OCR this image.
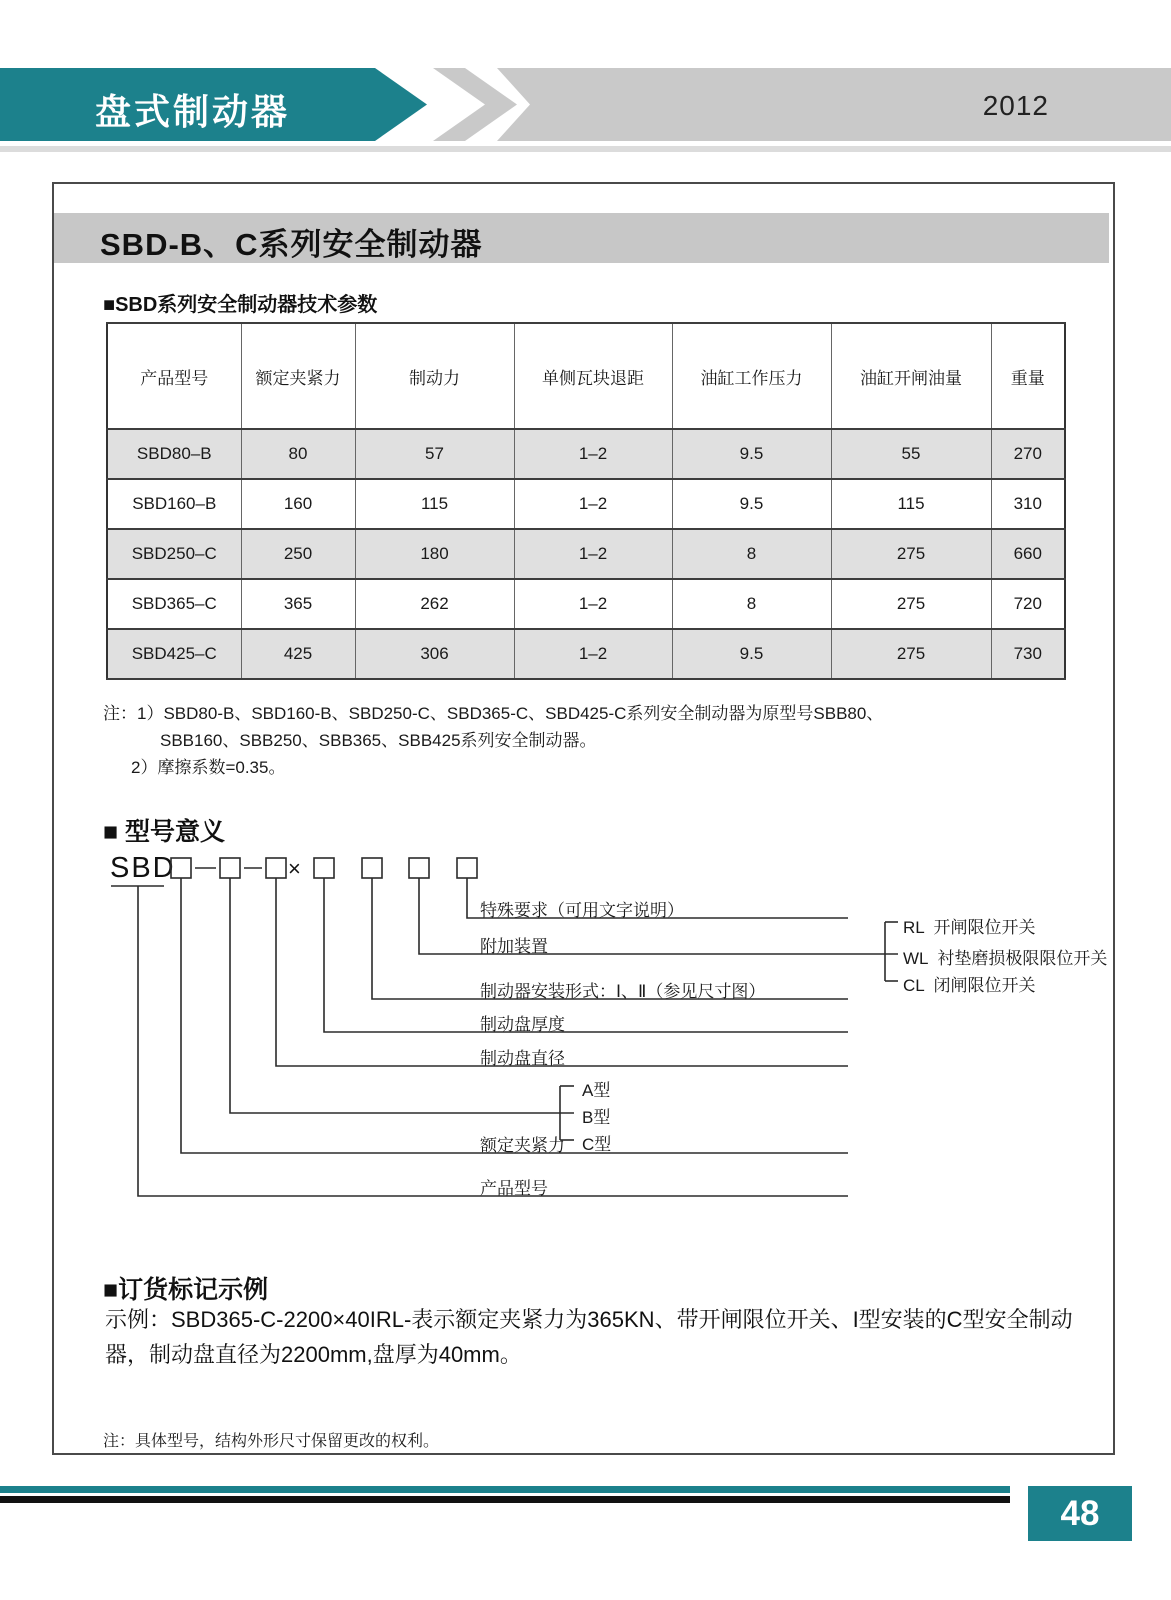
盘式制动器	2012
SBD-B、C系列安全制动器
■SBD系列安全制动器技术参数
产品型号	额定夹紧力	制动力	单侧瓦块退距	油缸工作压力	油缸开闸油量	重量
SBD80–B	80	57	1–2	9.5	55	270
SBD160–B	160	115	1–2	9.5	115	310
SBD250–C	250	180	1–2	8	275	660
SBD365–C	365	262	1–2	8	275	720
SBD425–C	425	306	1–2	9.5	275	730
注：1）SBD80-B、SBD160-B、SBD250-C、SBD365-C、SBD425-C系列安全制动器为原型号SBB80、
SBB160、SBB250、SBB365、SBB425系列安全制动器。
2）摩擦系数=0.35。
■ 型号意义
SBD	×
特殊要求（可用文字说明）
附加装置
RL  开闸限位开关
WL  衬垫磨损极限限位开关
CL  闭闸限位开关
制动器安装形式：Ⅰ、Ⅱ（参见尺寸图）
制动盘厚度
制动盘直径
A型
B型
C型
额定夹紧力
产品型号
■订货标记示例
示例：SBD365-C-2200×40IRL-表示额定夹紧力为365KN、带开闸限位开关、I型安装的C型安全制动器，制动盘直径为2200mm,盘厚为40mm。
注：具体型号，结构外形尺寸保留更改的权利。
48
